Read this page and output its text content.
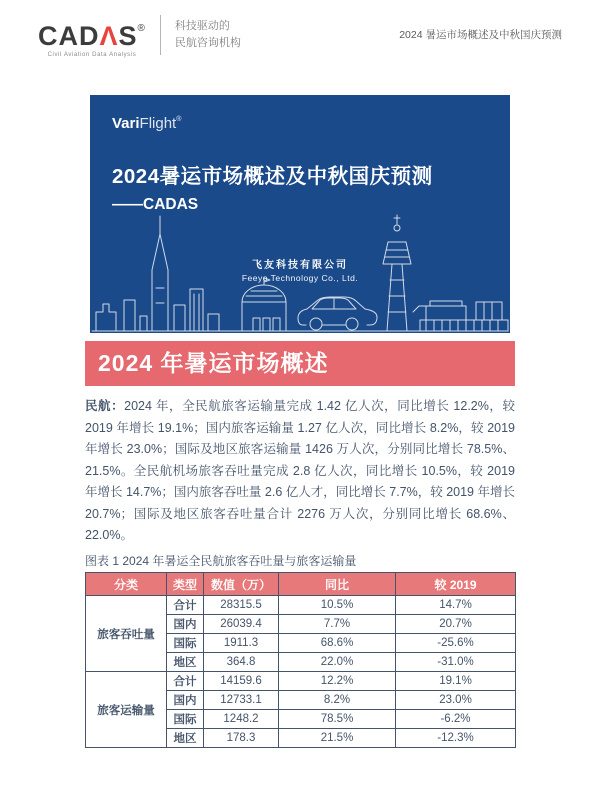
CADΛS®
Civil Aviation Data Analysis
科技驱动的
民航咨询机构
2024 暑运市场概述及中秋国庆预测
VariFlight®
2024暑运市场概述及中秋国庆预测
——CADAS
飞友科技有限公司
Feeyo Technology Co., Ltd.
2024 年暑运市场概述
民航：2024 年，全民航旅客运输量完成 1.42 亿人次，同比增长 12.2%，较 2019 年增长 19.1%；国内旅客运输量 1.27 亿人次，同比增长 8.2%，较 2019 年增长 23.0%；国际及地区旅客运输量 1426 万人次，分别同比增长 78.5%、21.5%。全民航机场旅客吞吐量完成 2.8 亿人次，同比增长 10.5%，较 2019 年增长 14.7%；国内旅客吞吐量 2.6 亿人才，同比增长 7.7%，较 2019 年增长 20.7%；国际及地区旅客吞吐量合计 2276 万人次，分别同比增长 68.6%、22.0%。
图表 1 2024 年暑运全民航旅客吞吐量与旅客运输量
分类	类型	数值（万）	同比	较 2019
旅客吞吐量	合计	28315.5	10.5%	14.7%
	国内	26039.4	7.7%	20.7%
	国际	1911.3	68.6%	-25.6%
	地区	364.8	22.0%	-31.0%
旅客运输量	合计	14159.6	12.2%	19.1%
	国内	12733.1	8.2%	23.0%
	国际	1248.2	78.5%	-6.2%
	地区	178.3	21.5%	-12.3%
